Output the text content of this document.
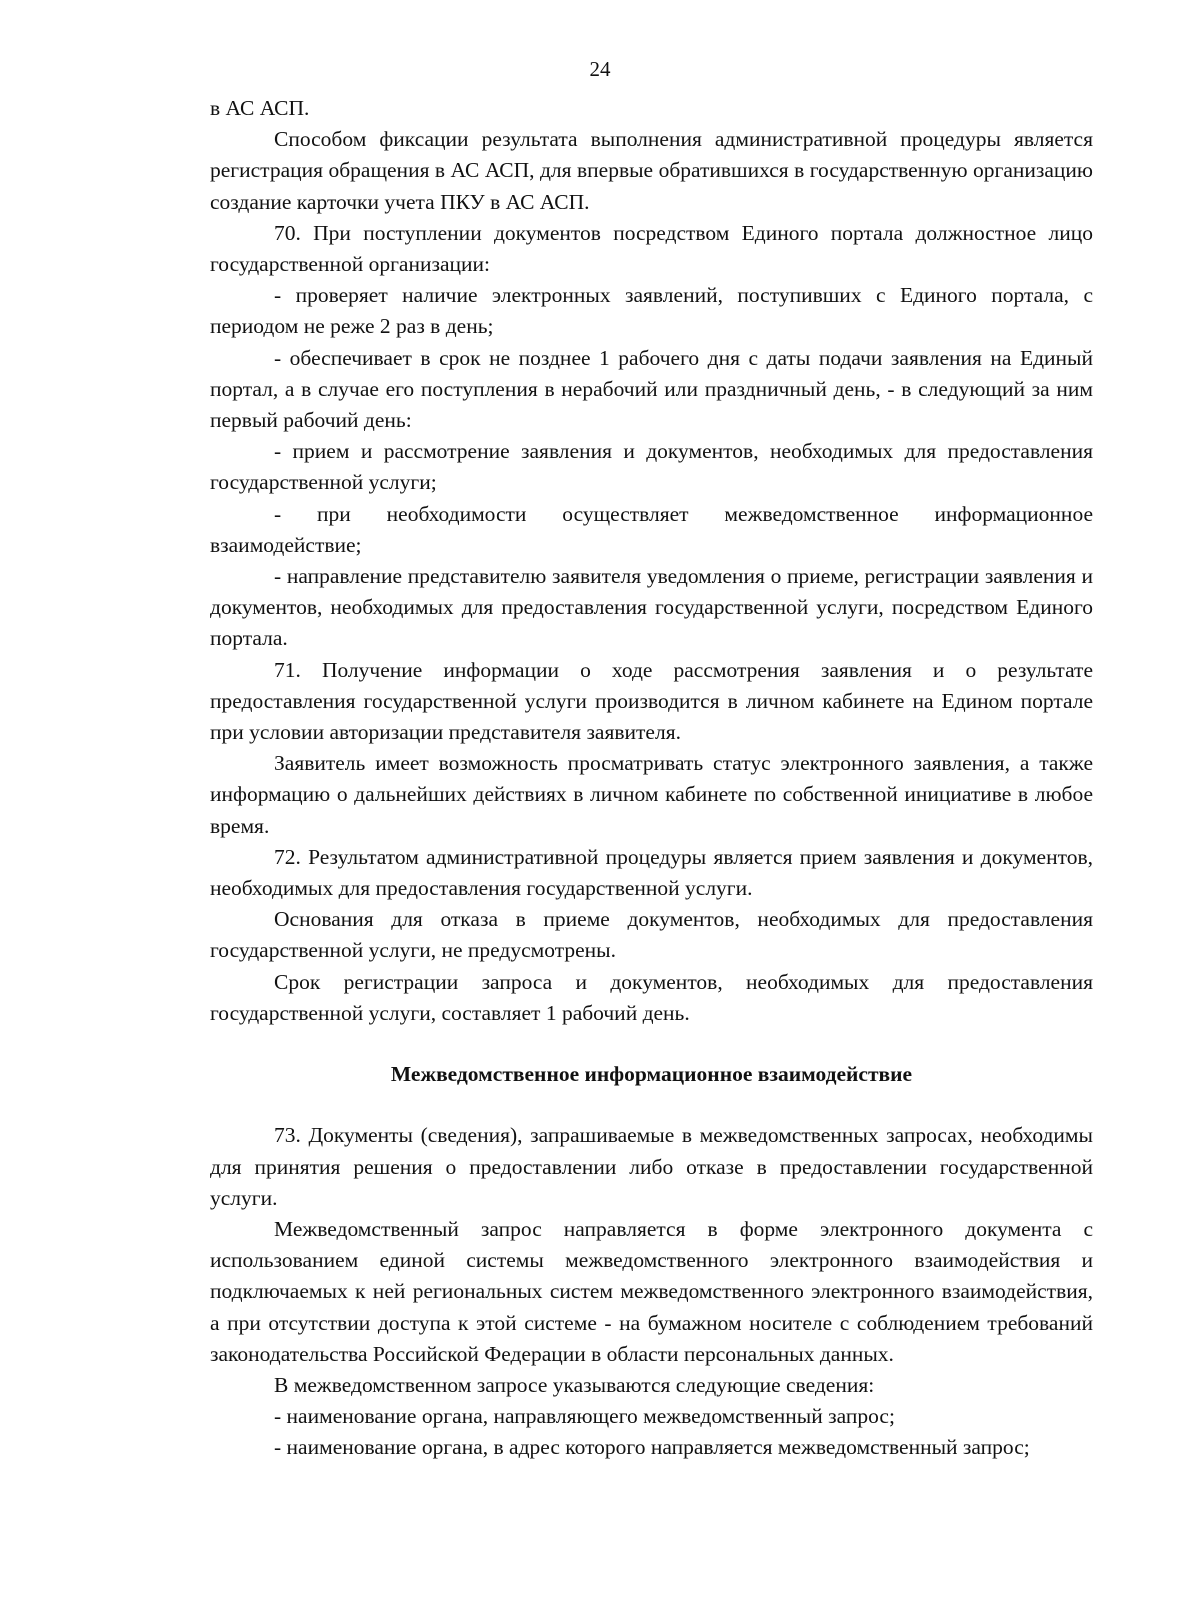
24

в АС АСП.

Способом фиксации результата выполнения административной процедуры является регистрация обращения в АС АСП, для впервые обратившихся в государственную организацию создание карточки учета ПКУ в АС АСП.

70. При поступлении документов посредством Единого портала должностное лицо государственной организации:

- проверяет наличие электронных заявлений, поступивших с Единого портала, с периодом не реже 2 раз в день;

- обеспечивает в срок не позднее 1 рабочего дня с даты подачи заявления на Единый портал, а в случае его поступления в нерабочий или праздничный день, - в следующий за ним первый рабочий день:

- прием и рассмотрение заявления и документов, необходимых для предоставления государственной услуги;

- при необходимости осуществляет межведомственное информационное взаимодействие;

- направление представителю заявителя уведомления о приеме, регистрации заявления и документов, необходимых для предоставления государственной услуги, посредством Единого портала.

71. Получение информации о ходе рассмотрения заявления и о результате предоставления государственной услуги производится в личном кабинете на Едином портале при условии авторизации представителя заявителя.

Заявитель имеет возможность просматривать статус электронного заявления, а также информацию о дальнейших действиях в личном кабинете по собственной инициативе в любое время.

72. Результатом административной процедуры является прием заявления и документов, необходимых для предоставления государственной услуги.

Основания для отказа в приеме документов, необходимых для предоставления государственной услуги, не предусмотрены.

Срок регистрации запроса и документов, необходимых для предоставления государственной услуги, составляет 1 рабочий день.

Межведомственное информационное взаимодействие

73. Документы (сведения), запрашиваемые в межведомственных запросах, необходимы для принятия решения о предоставлении либо отказе в предоставлении государственной услуги.

Межведомственный запрос направляется в форме электронного документа с использованием единой системы межведомственного электронного взаимодействия и подключаемых к ней региональных систем межведомственного электронного взаимодействия, а при отсутствии доступа к этой системе - на бумажном носителе с соблюдением требований законодательства Российской Федерации в области персональных данных.

В межведомственном запросе указываются следующие сведения:

- наименование органа, направляющего межведомственный запрос;

- наименование органа, в адрес которого направляется межведомственный запрос;
